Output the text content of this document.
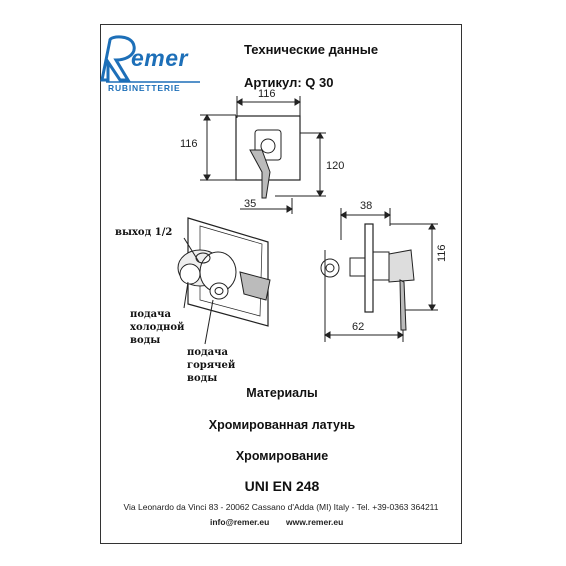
emer
RUBINETTERIE
Технические данные
Артикул: Q 30
116
116
120
35	38
116
62
выход 1/2
подача
холодной
воды
подача
горячей
воды
Материалы
Хромированная латунь
Хромирование
UNI EN 248
Via Leonardo da Vinci 83 - 20062 Cassano d'Adda (MI) Italy - Tel. +39-0363 364211
info@remer.eu www.remer.eu
